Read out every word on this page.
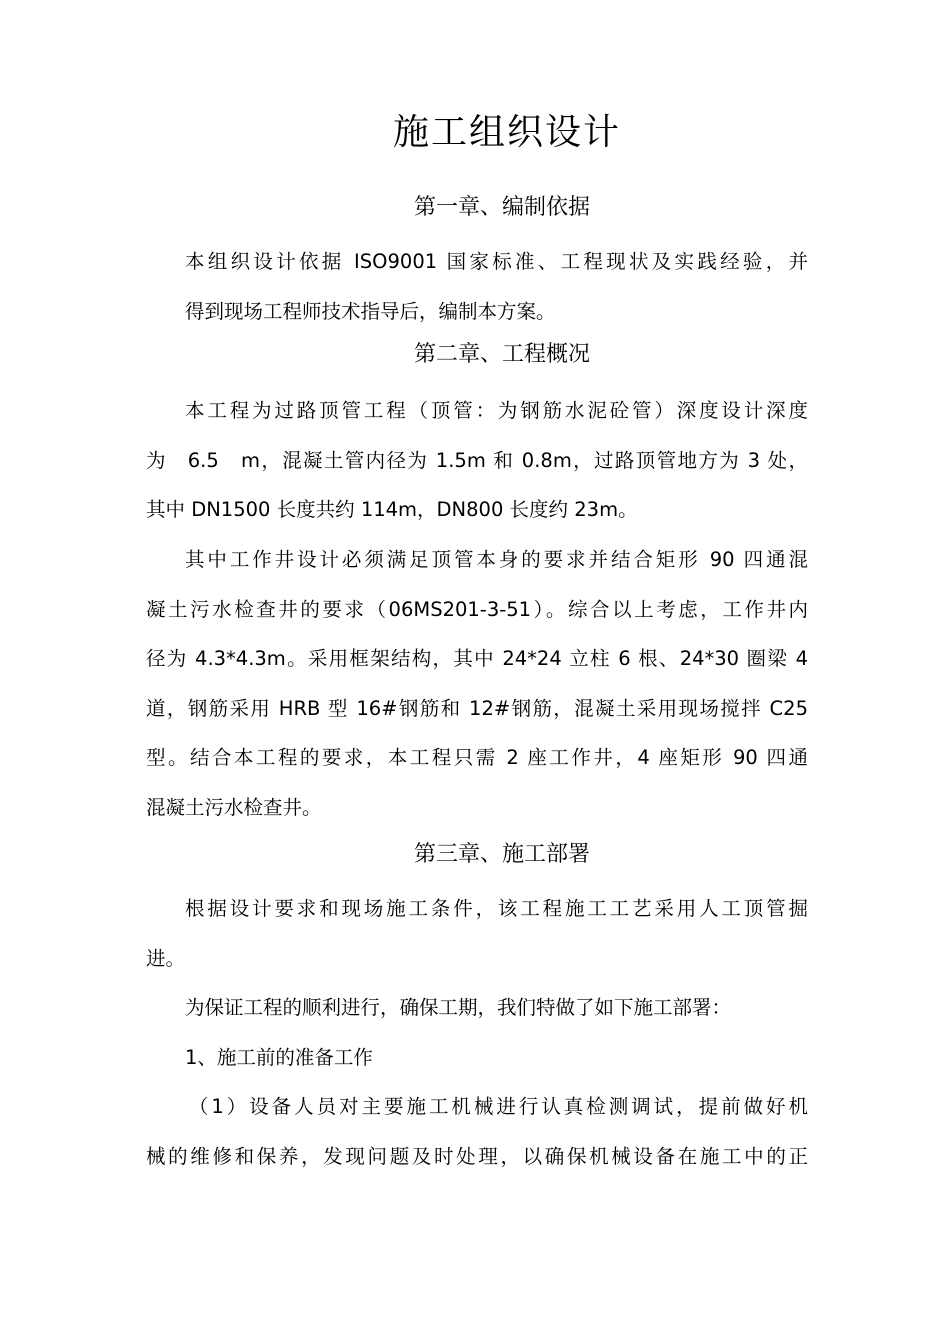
施工组织设计
第一章、编制依据

本组织设计依据 ISO9001 国家标准、工程现状及实践经验，并
得到现场工程师技术指导后，编制本方案。

第二章、工程概况

本工程为过路顶管工程（顶管：为钢筋水泥砼管）深度设计深度
为　6.5　m，混凝土管内径为 1.5m 和 0.8m，过路顶管地方为 3 处，
其中 DN1500 长度共约 114m，DN800 长度约 23m。

其中工作井设计必须满足顶管本身的要求并结合矩形 90 四通混
凝土污水检查井的要求（06MS201-3-51）。综合以上考虑，工作井内
径为 4.3*4.3m。采用框架结构，其中 24*24 立柱 6 根、24*30 圈梁 4
道，钢筋采用 HRB 型 16#钢筋和 12#钢筋，混凝土采用现场搅拌 C25
型。结合本工程的要求，本工程只需 2 座工作井，4 座矩形 90 四通
混凝土污水检查井。

第三章、施工部署

根据设计要求和现场施工条件，该工程施工工艺采用人工顶管掘
进。

为保证工程的顺利进行，确保工期，我们特做了如下施工部署：

1、施工前的准备工作

（1）设备人员对主要施工机械进行认真检测调试，提前做好机
械的维修和保养，发现问题及时处理，以确保机械设备在施工中的正
